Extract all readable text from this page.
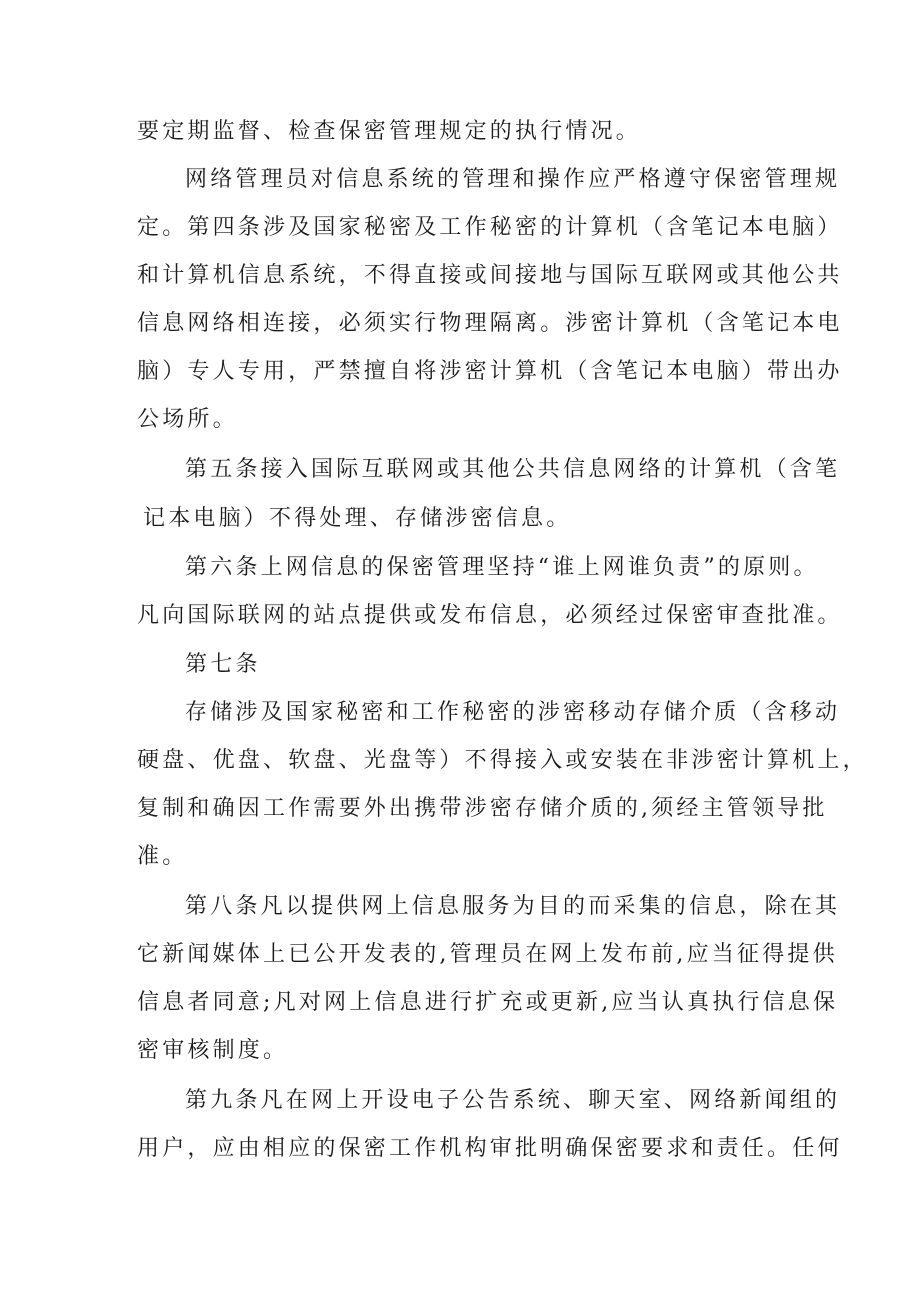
要定期监督、检查保密管理规定的执行情况。
网络管理员对信息系统的管理和操作应严格遵守保密管理规
定。第四条涉及国家秘密及工作秘密的计算机（含笔记本电脑）
和计算机信息系统，不得直接或间接地与国际互联网或其他公共
信息网络相连接，必须实行物理隔离。涉密计算机（含笔记本电
脑）专人专用，严禁擅自将涉密计算机（含笔记本电脑）带出办
公场所。
第五条接入国际互联网或其他公共信息网络的计算机（含笔
记本电脑）不得处理、存储涉密信息。
第六条上网信息的保密管理坚持“谁上网谁负责”的原则。
凡向国际联网的站点提供或发布信息，必须经过保密审查批准。
第七条
存储涉及国家秘密和工作秘密的涉密移动存储介质（含移动
硬盘、优盘、软盘、光盘等）不得接入或安装在非涉密计算机上，
复制和确因工作需要外出携带涉密存储介质的,须经主管领导批
准。
第八条凡以提供网上信息服务为目的而采集的信息，除在其
它新闻媒体上已公开发表的,管理员在网上发布前,应当征得提供
信息者同意;凡对网上信息进行扩充或更新,应当认真执行信息保
密审核制度。
第九条凡在网上开设电子公告系统、聊天室、网络新闻组的
用户，应由相应的保密工作机构审批明确保密要求和责任。任何
